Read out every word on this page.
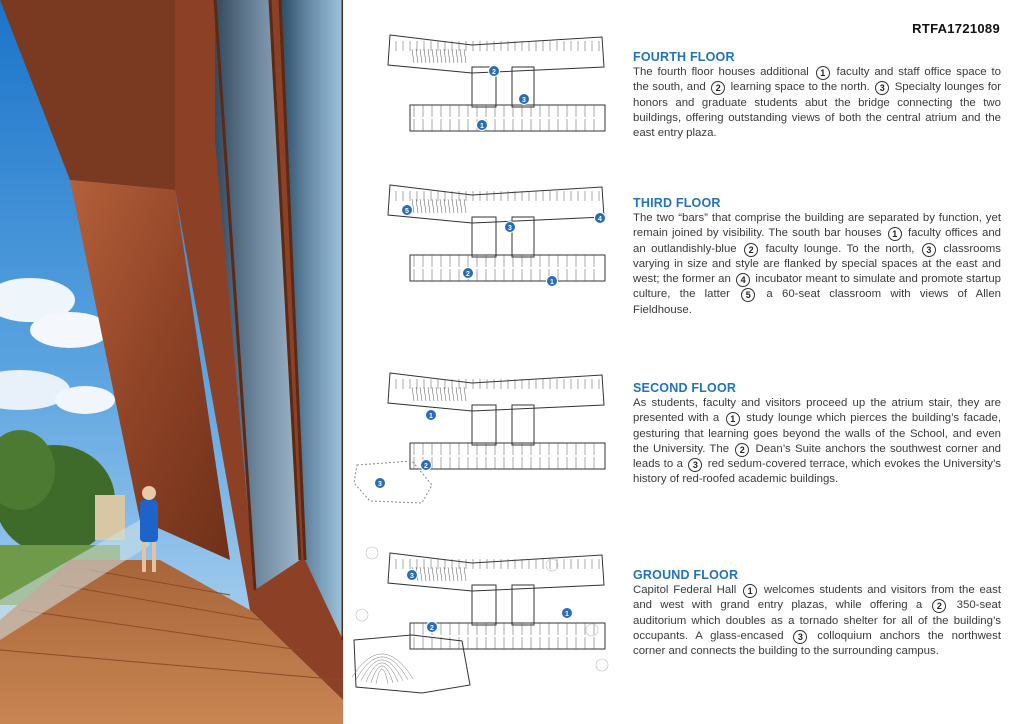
RTFA1721089
2
3
1
5
3
4
2
1
1
2
3
3
1
2
FOURTH FLOOR

The fourth floor houses additional 1 faculty and staff office space to the south, and 2 learning space to the north. 3 Specialty lounges for honors and graduate students abut the bridge connecting the two buildings, offering outstanding views of both the central atrium and the east entry plaza.

THIRD FLOOR

The two “bars” that comprise the building are separated by function, yet remain joined by visibility. The south bar houses 1 faculty offices and an outlandishly-blue 2 faculty lounge. To the north, 3 classrooms varying in size and style are flanked by special spaces at the east and west; the former an 4 incubator meant to simulate and promote startup culture, the latter 5 a 60-seat classroom with views of Allen Fieldhouse.

SECOND FLOOR

As students, faculty and visitors proceed up the atrium stair, they are presented with a 1 study lounge which pierces the building’s facade, gesturing that learning goes beyond the walls of the School, and even the University. The 2 Dean’s Suite anchors the southwest corner and leads to a 3 red sedum-covered terrace, which evokes the University’s history of red-roofed academic buildings.

GROUND FLOOR

Capitol Federal Hall 1 welcomes students and visitors from the east and west with grand entry plazas, while offering a 2 350-seat auditorium which doubles as a tornado shelter for all of the building’s occupants. A glass-encased 3 colloquium anchors the northwest corner and connects the building to the surrounding campus.
